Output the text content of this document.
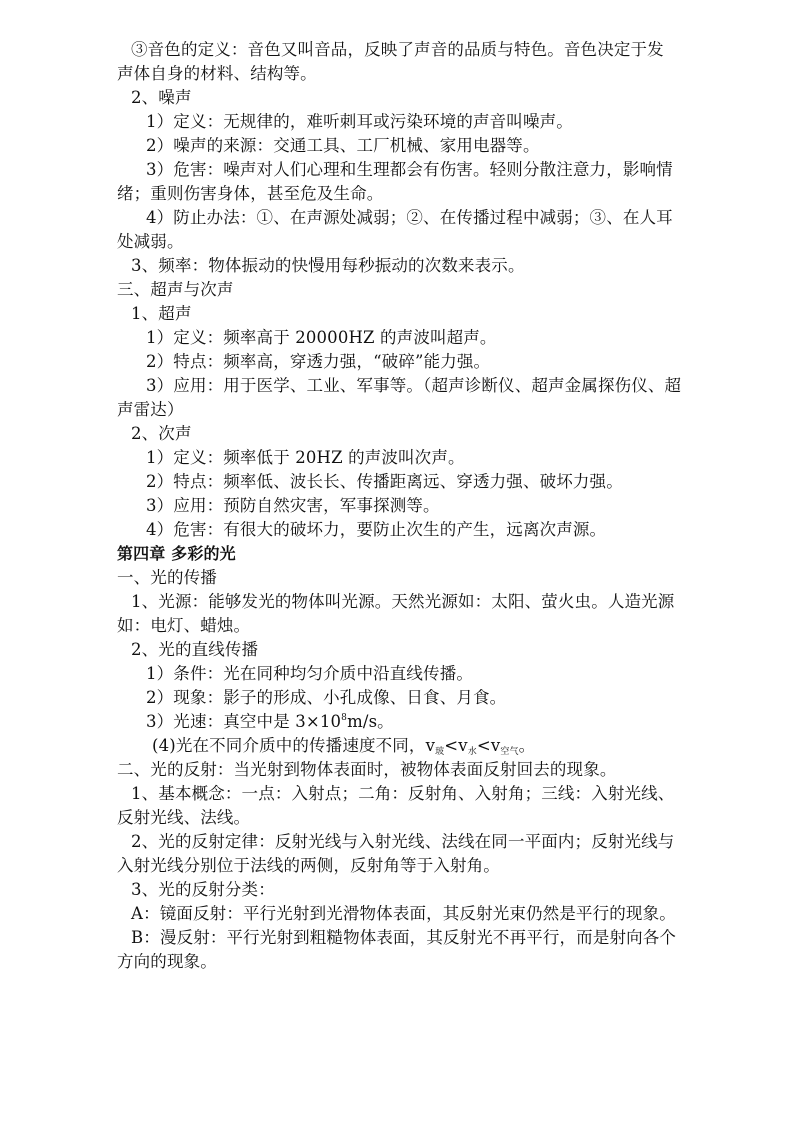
③音色的定义：音色又叫音品，反映了声音的品质与特色。音色决定于发
声体自身的材料、结构等。
2、噪声
1）定义：无规律的，难听刺耳或污染环境的声音叫噪声。
2）噪声的来源：交通工具、工厂机械、家用电器等。
3）危害：噪声对人们心理和生理都会有伤害。轻则分散注意力，影响情
绪；重则伤害身体，甚至危及生命。
4）防止办法：①、在声源处减弱；②、在传播过程中减弱；③、在人耳
处减弱。
3、频率：物体振动的快慢用每秒振动的次数来表示。
三、超声与次声
1、超声
1）定义：频率高于 20000HZ 的声波叫超声。
2）特点：频率高，穿透力强，“破碎”能力强。
3）应用：用于医学、工业、军事等。（超声诊断仪、超声金属探伤仪、超
声雷达）
2、次声
1）定义：频率低于 20HZ 的声波叫次声。
2）特点：频率低、波长长、传播距离远、穿透力强、破坏力强。
3）应用：预防自然灾害，军事探测等。
4）危害：有很大的破坏力，要防止次生的产生，远离次声源。
第四章 多彩的光
一、光的传播
1、光源：能够发光的物体叫光源。天然光源如：太阳、萤火虫。人造光源
如：电灯、蜡烛。
2、光的直线传播
1）条件：光在同种均匀介质中沿直线传播。
2）现象：影子的形成、小孔成像、日食、月食。
3）光速：真空中是 $3\times 10^8m/s$。
(4)光在不同介质中的传播速度不同，$v_玻<v_水<v_{空气}$。
二、光的反射：当光射到物体表面时，被物体表面反射回去的现象。
1、基本概念：一点：入射点；二角：反射角、入射角；三线：入射光线、
反射光线、法线。
2、光的反射定律：反射光线与入射光线、法线在同一平面内；反射光线与
入射光线分别位于法线的两侧，反射角等于入射角。
3、光的反射分类：
A：镜面反射：平行光射到光滑物体表面，其反射光束仍然是平行的现象。
B：漫反射：平行光射到粗糙物体表面，其反射光不再平行，而是射向各个
方向的现象。
